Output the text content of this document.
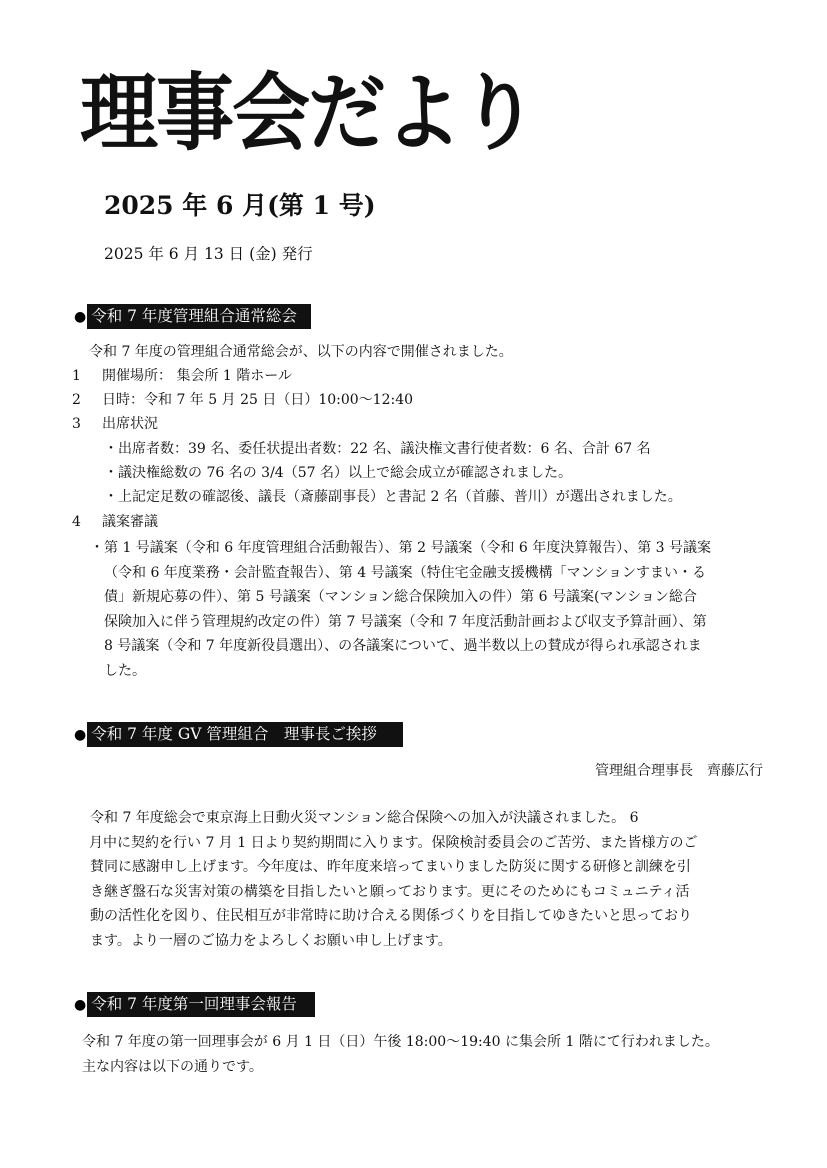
理事会だより
2025 年 6 月(第 1 号)
2025 年 6 月 13 日 (金) 発行
● 令和 7 年度管理組合通常総会
令和 7 年度の管理組合通常総会が、以下の内容で開催されました。
1 開催場所： 集会所 1 階ホール
2 日時：令和 7 年 5 月 25 日（日）10:00～12:40
3 出席状況
・出席者数：39 名、委任状提出者数：22 名、議決権文書行使者数：6 名、合計 67 名
・議決権総数の 76 名の 3/4（57 名）以上で総会成立が確認されました。
・上記定足数の確認後、議長（斎藤副事長）と書記 2 名（首藤、普川）が選出されました。
4 議案審議
・第 1 号議案（令和 6 年度管理組合活動報告）、第 2 号議案（令和 6 年度決算報告）、第 3 号議案
（令和 6 年度業務・会計監査報告）、第 4 号議案（特住宅金融支援機構「マンションすまい・る
債」新規応募の件）、第 5 号議案（マンション総合保険加入の件）第 6 号議案(マンション総合
保険加入に伴う管理規約改定の件）第 7 号議案（令和 7 年度活動計画および収支予算計画）、第
8 号議案（令和 7 年度新役員選出）、の各議案について、過半数以上の賛成が得られ承認されま
した。
● 令和 7 年度 GV 管理組合　理事長ご挨拶
管理組合理事長　齊藤広行
令和 7 年度総会で東京海上日動火災マンション総合保険への加入が決議されました。 6
月中に契約を行い 7 月 1 日より契約期間に入ります。保険検討委員会のご苦労、また皆様方のご
賛同に感謝申し上げます。今年度は、昨年度来培ってまいりました防災に関する研修と訓練を引
き継ぎ盤石な災害対策の構築を目指したいと願っております。更にそのためにもコミュニティ活
動の活性化を図り、住民相互が非常時に助け合える関係づくりを目指してゆきたいと思っており
ます。より一層のご協力をよろしくお願い申し上げます。
● 令和 7 年度第一回理事会報告
令和 7 年度の第一回理事会が 6 月 1 日（日）午後 18:00～19:40 に集会所 1 階にて行われました。
主な内容は以下の通りです。
